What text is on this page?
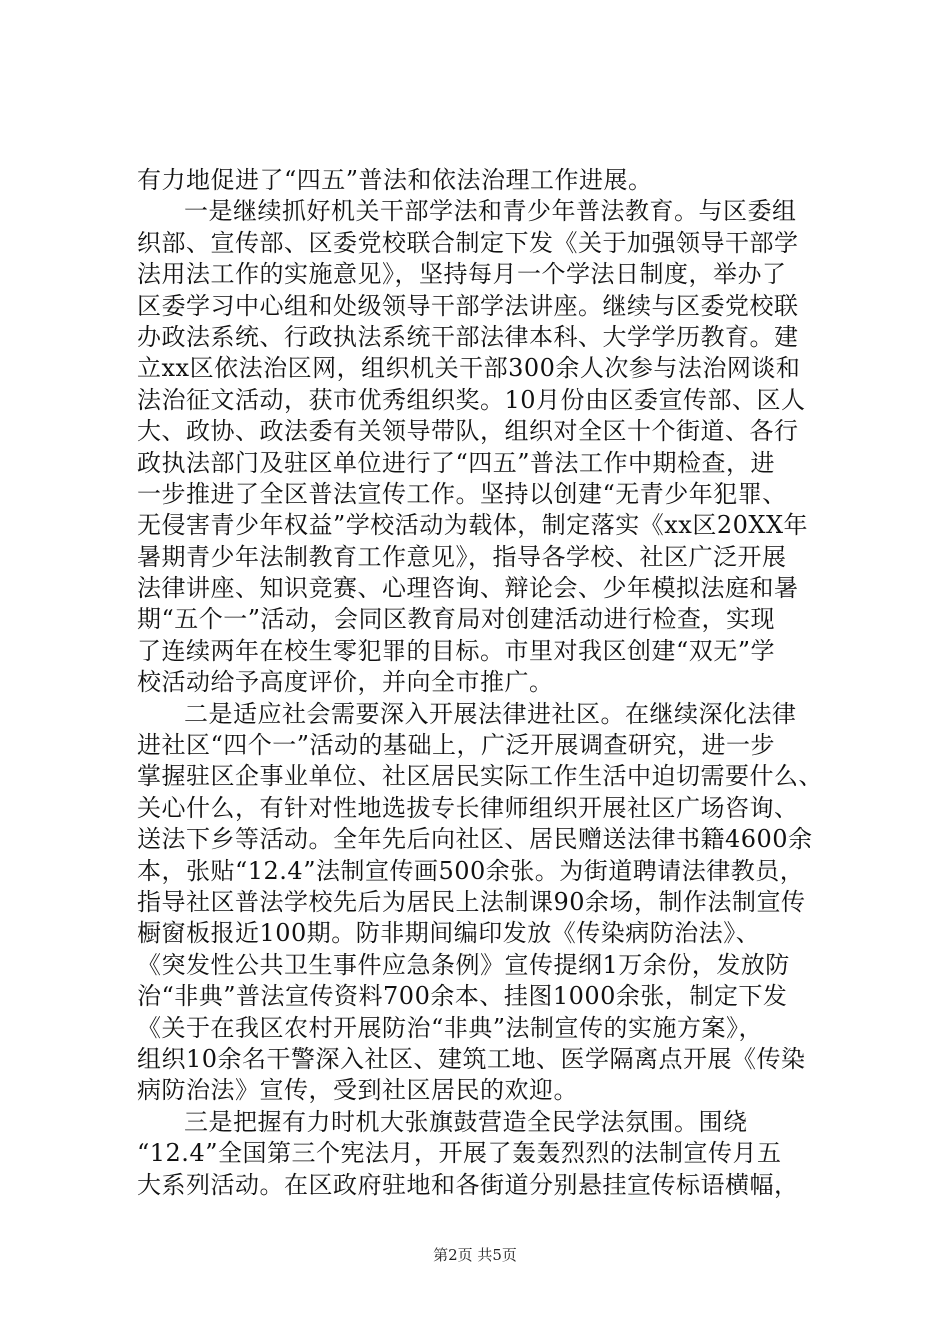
有力地促进了“四五”普法和依法治理工作进展。
一是继续抓好机关干部学法和青少年普法教育。与区委组
织部、宣传部、区委党校联合制定下发《关于加强领导干部学
法用法工作的实施意见》，坚持每月一个学法日制度，举办了
区委学习中心组和处级领导干部学法讲座。继续与区委党校联
办政法系统、行政执法系统干部法律本科、大学学历教育。建
立xx区依法治区网，组织机关干部300余人次参与法治网谈和
法治征文活动，获市优秀组织奖。10月份由区委宣传部、区人
大、政协、政法委有关领导带队，组织对全区十个街道、各行
政执法部门及驻区单位进行了“四五”普法工作中期检查，进
一步推进了全区普法宣传工作。坚持以创建“无青少年犯罪、
无侵害青少年权益”学校活动为载体，制定落实《xx区20XX年
暑期青少年法制教育工作意见》，指导各学校、社区广泛开展
法律讲座、知识竞赛、心理咨询、辩论会、少年模拟法庭和暑
期“五个一”活动，会同区教育局对创建活动进行检查，实现
了连续两年在校生零犯罪的目标。市里对我区创建“双无”学
校活动给予高度评价，并向全市推广。
二是适应社会需要深入开展法律进社区。在继续深化法律
进社区“四个一”活动的基础上，广泛开展调查研究，进一步
掌握驻区企事业单位、社区居民实际工作生活中迫切需要什么、
关心什么，有针对性地选拔专长律师组织开展社区广场咨询、
送法下乡等活动。全年先后向社区、居民赠送法律书籍4600余
本，张贴“12.4”法制宣传画500余张。为街道聘请法律教员，
指导社区普法学校先后为居民上法制课90余场，制作法制宣传
橱窗板报近100期。防非期间编印发放《传染病防治法》、
《突发性公共卫生事件应急条例》宣传提纲1万余份，发放防
治“非典”普法宣传资料700余本、挂图1000余张，制定下发
《关于在我区农村开展防治“非典”法制宣传的实施方案》，
组织10余名干警深入社区、建筑工地、医学隔离点开展《传染
病防治法》宣传，受到社区居民的欢迎。
三是把握有力时机大张旗鼓营造全民学法氛围。围绕
“12.4”全国第三个宪法月，开展了轰轰烈烈的法制宣传月五
大系列活动。在区政府驻地和各街道分别悬挂宣传标语横幅，
第2页 共5页
